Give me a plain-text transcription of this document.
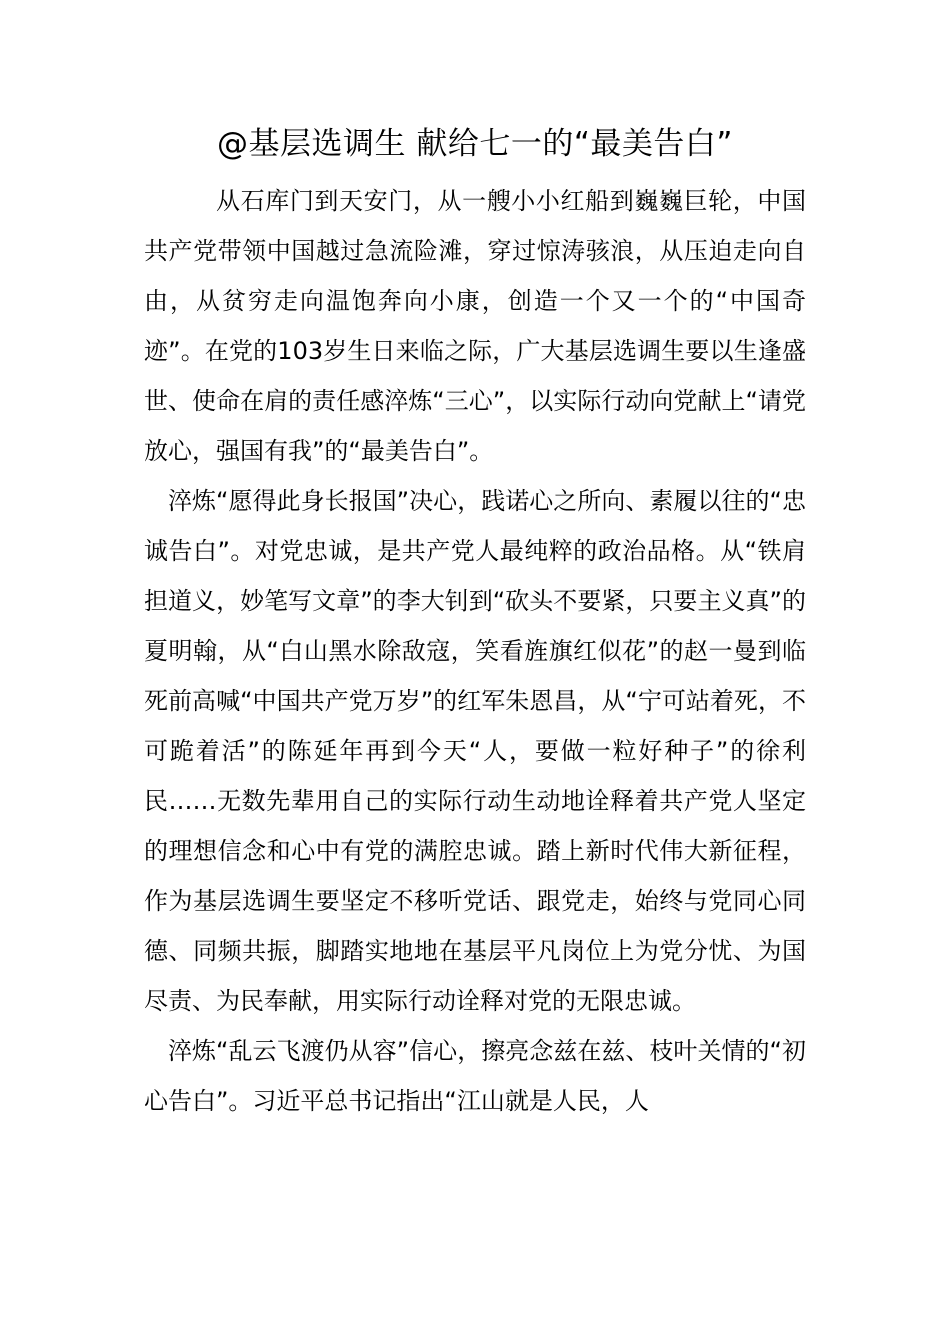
@基层选调生 献给七一的“最美告白”

从石库门到天安门，从一艘小小红船到巍巍巨轮，中国共产党带领中国越过急流险滩，穿过惊涛骇浪，从压迫走向自由，从贫穷走向温饱奔向小康，创造一个又一个的“中国奇迹”。在党的103岁生日来临之际，广大基层选调生要以生逢盛世、使命在肩的责任感淬炼“三心”，以实际行动向党献上“请党放心，强国有我”的“最美告白”。

淬炼“愿得此身长报国”决心，践诺心之所向、素履以往的“忠诚告白”。对党忠诚，是共产党人最纯粹的政治品格。从“铁肩担道义，妙笔写文章”的李大钊到“砍头不要紧，只要主义真”的夏明翰，从“白山黑水除敌寇，笑看旌旗红似花”的赵一曼到临死前高喊“中国共产党万岁”的红军朱恩昌，从“宁可站着死，不可跪着活”的陈延年再到今天“人，要做一粒好种子”的徐利民……无数先辈用自己的实际行动生动地诠释着共产党人坚定的理想信念和心中有党的满腔忠诚。踏上新时代伟大新征程，作为基层选调生要坚定不移听党话、跟党走，始终与党同心同德、同频共振，脚踏实地地在基层平凡岗位上为党分忧、为国尽责、为民奉献，用实际行动诠释对党的无限忠诚。

淬炼“乱云飞渡仍从容”信心，擦亮念兹在兹、枝叶关情的“初心告白”。习近平总书记指出“江山就是人民，人
